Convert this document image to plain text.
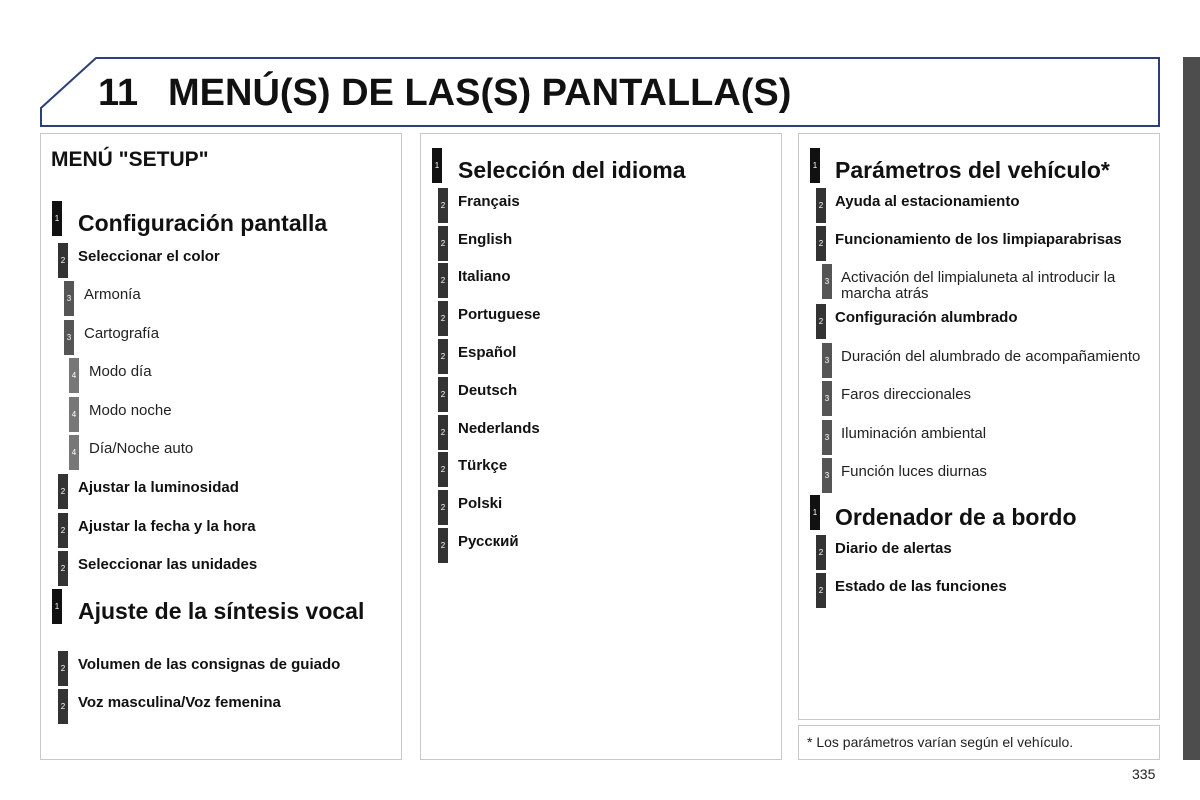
11 MENÚ(S) DE LAS(S) PANTALLA(S)
MENÚ "SETUP"
1 Configuración pantalla
2 Seleccionar el color
3 Armonía
3 Cartografía
4 Modo día
4 Modo noche
4 Día/Noche auto
2 Ajustar la luminosidad
2 Ajustar la fecha y la hora
2 Seleccionar las unidades
1 Ajuste de la síntesis vocal
2 Volumen de las consignas de guiado
2 Voz masculina/Voz femenina
1 Selección del idioma
2 Français
2 English
2 Italiano
2 Portuguese
2 Español
2 Deutsch
2 Nederlands
2 Türkçe
2 Polski
2 Русский
1 Parámetros del vehículo*
2 Ayuda al estacionamiento
2 Funcionamiento de los limpiaparabrisas
3 Activación del limpialuneta al introducir la
marcha atrás
2 Configuración alumbrado
3 Duración del alumbrado de acompañamiento
3 Faros direccionales
3 Iluminación ambiental
3 Función luces diurnas
1 Ordenador de a bordo
2 Diario de alertas
2 Estado de las funciones
* Los parámetros varían según el vehículo.
335
